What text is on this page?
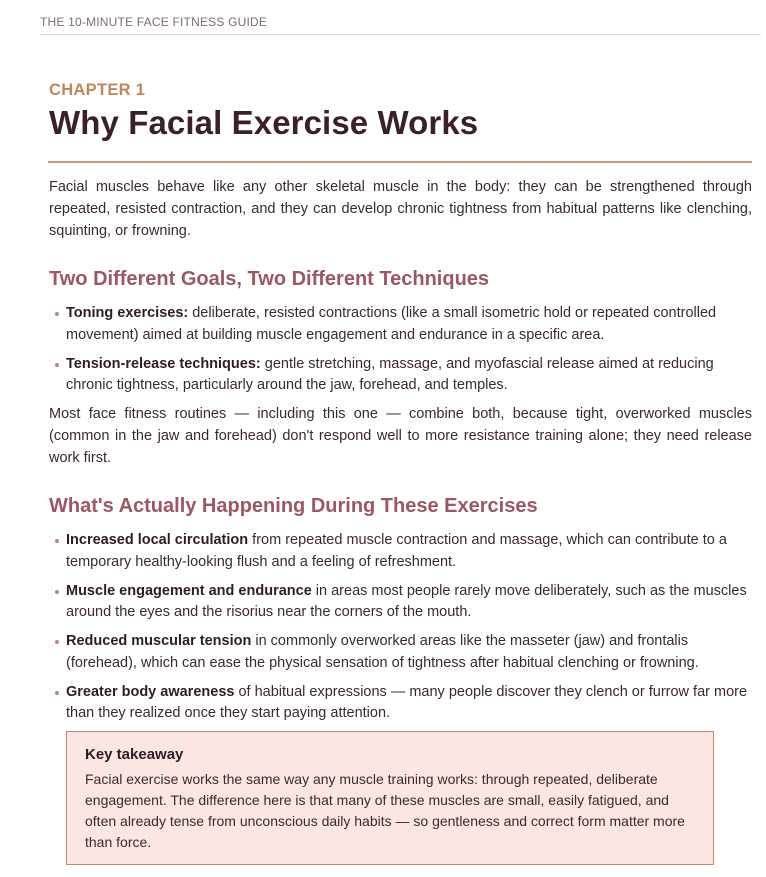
THE 10-MINUTE FACE FITNESS GUIDE
CHAPTER 1
Why Facial Exercise Works

Facial muscles behave like any other skeletal muscle in the body: they can be strengthened through repeated, resisted contraction, and they can develop chronic tightness from habitual patterns like clenching, squinting, or frowning.

Two Different Goals, Two Different Techniques
Toning exercises: deliberate, resisted contractions (like a small isometric hold or repeated controlled movement) aimed at building muscle engagement and endurance in a specific area.
Tension-release techniques: gentle stretching, massage, and myofascial release aimed at reducing chronic tightness, particularly around the jaw, forehead, and temples.

Most face fitness routines — including this one — combine both, because tight, overworked muscles (common in the jaw and forehead) don't respond well to more resistance training alone; they need release work first.

What's Actually Happening During These Exercises
Increased local circulation from repeated muscle contraction and massage, which can contribute to a temporary healthy-looking flush and a feeling of refreshment.
Muscle engagement and endurance in areas most people rarely move deliberately, such as the muscles around the eyes and the risorius near the corners of the mouth.
Reduced muscular tension in commonly overworked areas like the masseter (jaw) and frontalis (forehead), which can ease the physical sensation of tightness after habitual clenching or frowning.
Greater body awareness of habitual expressions — many people discover they clench or furrow far more than they realized once they start paying attention.
Key takeaway

Facial exercise works the same way any muscle training works: through repeated, deliberate engagement. The difference here is that many of these muscles are small, easily fatigued, and often already tense from unconscious daily habits — so gentleness and correct form matter more than force.
